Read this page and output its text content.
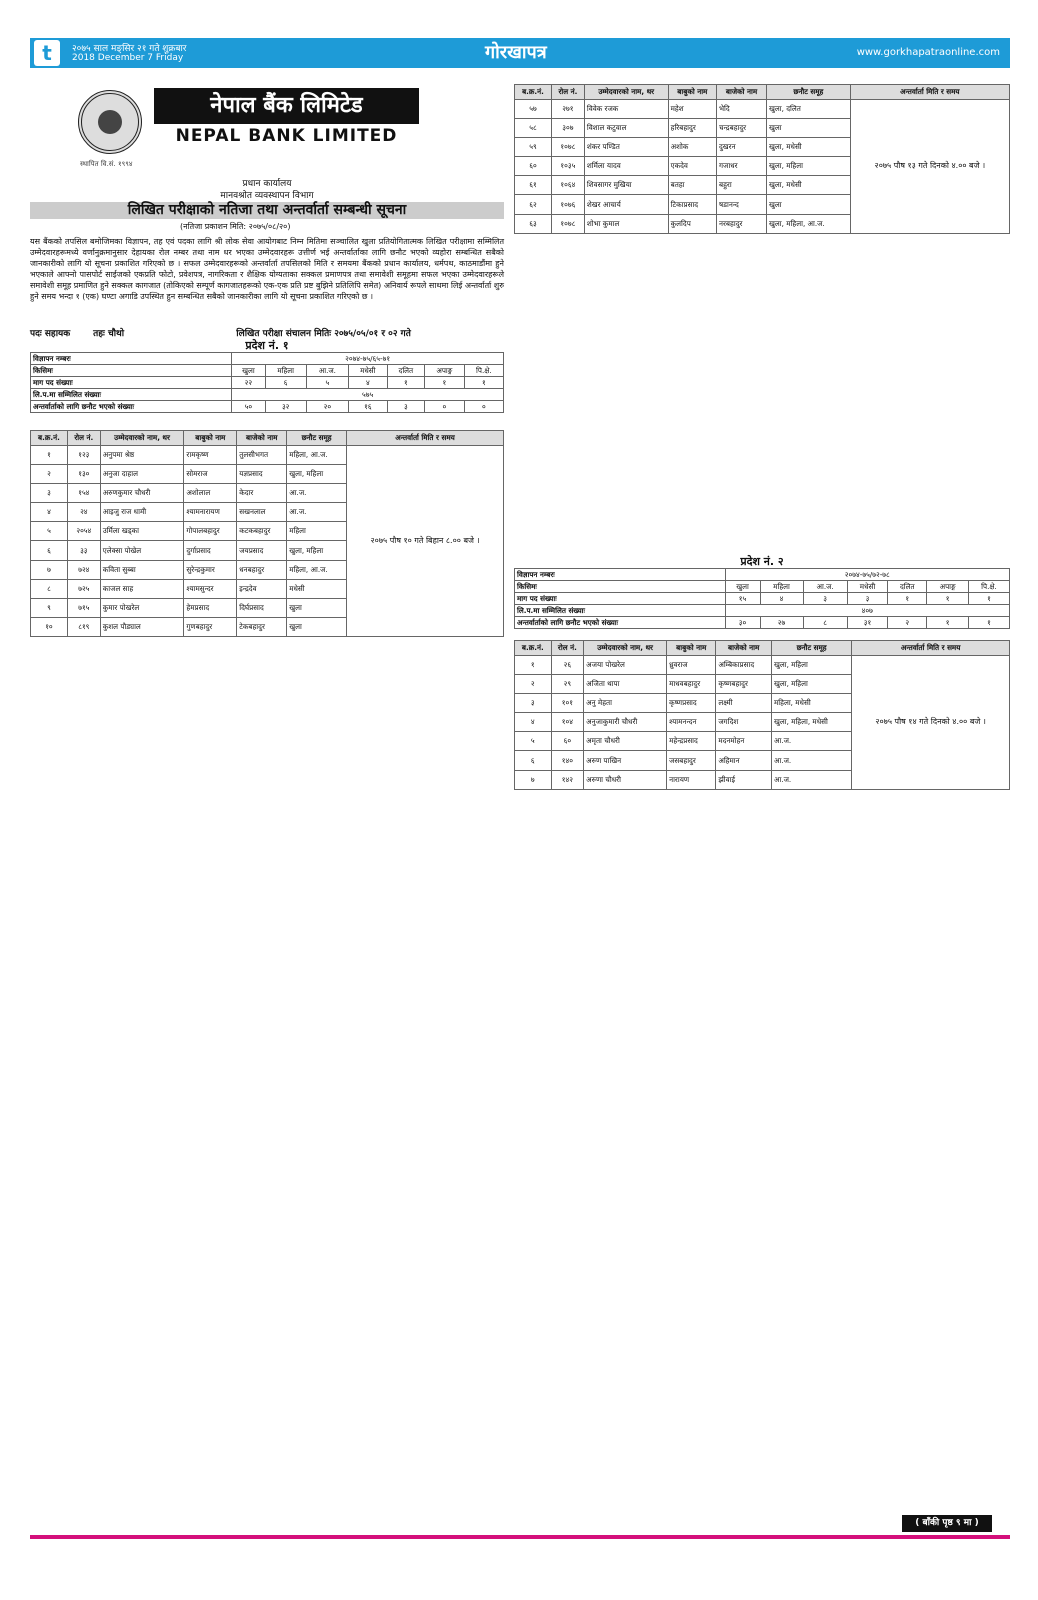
t	२०७५ साल मङ्सिर २१ गते शुक्रबार
2018 December 7 Friday	गोरखापत्र	www.gorkhapatraonline.com
नेपाल बैंक लिमिटेड
NEPAL BANK LIMITED
स्थापित वि.सं. १९९४
प्रधान कार्यालय
मानवश्रोत व्यवस्थापन विभाग
लिखित परीक्षाको नतिजा तथा अन्तर्वार्ता सम्बन्धी सूचना
(नतिजा प्रकाशन मिति: २०७५/०८/२०)
यस बैंकको तपसिल बमोजिमका विज्ञापन, तह एवं पदका लागि श्री लोक सेवा आयोगबाट निम्न मितिमा सञ्चालित खुला प्रतियोगितात्मक लिखित परीक्षामा सम्मिलित उम्मेदवारहरूमध्ये वर्णानुक्रमानुसार देहायका रोल नम्बर तथा नाम धर भएका उम्मेदवारहरू उत्तीर्ण भई अन्तर्वार्ताका लागि छनौट भएको व्यहोरा सम्बन्धित सबैको जानकारीको लागि यो सूचना प्रकाशित गरिएको छ । सफल उम्मेदवारहरूको अन्तर्वार्ता तपसिलको मिति र समयमा बैंकको प्रधान कार्यालय, धर्मपथ, काठमाडौंमा हुने भएकाले आफ्नो पासपोर्ट साईजको एकप्रति फोटो, प्रवेशपत्र, नागरिकता र शैक्षिक योग्यताका सक्कल प्रमाणपत्र तथा समावेशी समूहमा सफल भएका उम्मेदवारहरूले समावेशी समूह प्रमाणित हुने सक्कल कागजात (तोकिएको सम्पूर्ण कागजातहरूको एक-एक प्रति प्रष्ट बुझिने प्रतिलिपि समेत) अनिवार्य रूपले साथमा लिई अन्तर्वार्ता शुरु हुने समय भन्दा १ (एक) घण्टा अगाडि उपस्थित हुन सम्बन्धित सबैको जानकारीका लागि यो सूचना प्रकाशित गरिएको छ ।
पदः सहायक	तहः चौथो	लिखित परीक्षा संचालन मितिः २०७५/०५/०१ र ०२ गते
प्रदेश नं. १
विज्ञापन नम्बरः	२०७४-७५/६५-७१						
किसिमः	खुला	महिला	आ.ज.	मधेसी	दलित	अपाङ्ग	पि.क्षे.
माग पद संख्याः	२२	६	५	४	१	१	१
लि.प.मा सम्मिलित संख्याः	५७५						
अन्तर्वार्ताको लागि छनौट भएको संख्याः	५०	३२	२०	१६	३	०	०
ब.क्र.नं.	रोल नं.	उम्मेदवारको नाम, थर	बाबुको नाम	बाजेको नाम	छनौट समूह	अन्तर्वार्ता मिति र समय
१	१२३	अनुपमा श्रेष्ठ	रामकृष्ण	तुलसीभगत	महिला, आ.ज.	२०७५ पौष १० गते बिहान ८.०० बजे ।
२	१३०	अनुजा दाहाल	सोमराज	यज्ञप्रसाद	खुला, महिला	
३	१५४	अरुणकुमार चौधरी	अशोलाल	केदार	आ.ज.	
४	२४	आइजु राज धामी	श्यामनारायण	सखनलाल	आ.ज.	
५	२०५४	उर्मिला खड्का	गोपालबहादुर	कटकबहादुर	महिला	
६	३३	एलेक्सा पोखेल	दुर्गाप्रसाद	जयप्रसाद	खुला, महिला	
७	७२४	कविता सुब्बा	सुरेन्द्रकुमार	धनबहादुर	महिला, आ.ज.	
८	७२५	काजल साह	श्यामसुन्दर	इन्द्रदेव	मधेसी	
९	७१५	कुमार पोखरेल	हेमप्रसाद	दिर्घप्रसाद	खुला	
१०	८१९	कुशल पौड्याल	गुणबहादुर	टेकबहादुर	खुला	
ब.क्र.नं.	रोल नं.	उम्मेदवारको नाम, थर	बाबुको नाम	बाजेको नाम	छनौट समूह	अन्तर्वार्ता मिति र समय
५७	२७१	विवेक रजक	महेश	भेदि	खुला, दलित	२०७५ पौष १३ गते दिनको ४.०० बजे ।
५८	३०७	विशाल कटुवाल	हरिबहादुर	चन्द्रबहादुर	खुला	
५९	१०७८	शंकर पण्डित	अशोक	दुखरन	खुला, मधेसी	
६०	१०३५	शर्मिला यादव	एकदेव	गजाधर	खुला, महिला	
६१	१०६४	शिवसागर मुखिया	बतहा	बहुरा	खुला, मधेसी	
६२	१०७६	शेखर आचार्य	टिकाप्रसाद	षडानन्द	खुला	
६३	१०७८	शोभा कुमाल	कुलदिप	नरबहादुर	खुला, महिला, आ.ज.	
प्रदेश नं. २
विज्ञापन नम्बरः	२०७४-७५/७२-७८						
किसिमः	खुला	महिला	आ.ज.	मधेसी	दलित	अपाङ्ग	पि.क्षे.
माग पद संख्याः	१५	४	३	३	१	१	१
लि.प.मा सम्मिलित संख्याः	४०७						
अन्तर्वार्ताको लागि छनौट भएको संख्याः	३०	२७	८	३१	२	१	१
ब.क्र.नं.	रोल नं.	उम्मेदवारको नाम, थर	बाबुको नाम	बाजेको नाम	छनौट समूह	अन्तर्वार्ता मिति र समय
१	२६	अजया पोखरेल	ध्रुवराज	अम्बिकाप्रसाद	खुला, महिला	२०७५ पौष १४ गते दिनको ४.०० बजे ।
२	२९	अजिता थापा	माधवबहादुर	कृष्णबहादुर	खुला, महिला	
३	१०१	अनु मेहता	कृष्णप्रसाद	लक्ष्मी	महिला, मधेसी	
४	१०४	अनुजाकुमारी चौधरी	श्यामनन्दन	जगदिश	खुला, महिला, मधेसी	
५	६०	अमृता चौधरी	महेन्द्रप्रसाद	मदनमोहन	आ.ज.	
६	१४०	अरुण पाखिन	जसबहादुर	अहिमान	आ.ज.	
७	१४२	अरुणा चौधरी	नारायण	झीवाई	आ.ज.	
( बाँकी पृष्ठ ९ मा )
